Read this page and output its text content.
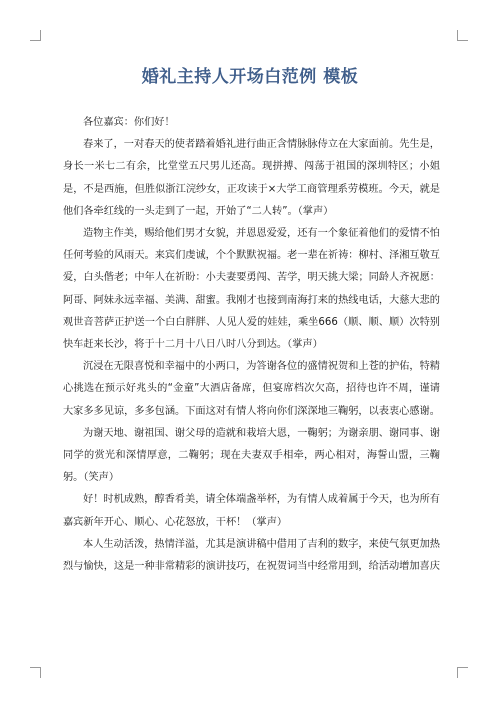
婚礼主持人开场白范例 模板

各位嘉宾：你们好！

春来了，一对春天的使者踏着婚礼进行曲正含情脉脉侍立在大家面前。先生是，身长一米七二有余，比堂堂五尺男儿还高。现拼搏、闯荡于祖国的深圳特区；小姐是，不是西施，但胜似浙江浣纱女，正攻读于×大学工商管理系劳模班。今天，就是他们各牵红线的一头走到了一起，开始了“二人转”。（掌声）

造物主作美，赐给他们男才女貌，并恩恩爱爱，还有一个象征着他们的爱情不怕任何考验的风雨天。来宾们虔诚，个个默默祝福。老一辈在祈祷：柳村、泽湘互敬互爱，白头偕老；中年人在祈盼：小夫妻要勇闯、苦学，明天挑大梁；同龄人齐祝愿：阿哥、阿妹永远幸福、美满、甜蜜。我刚才也接到南海打来的热线电话，大慈大悲的观世音菩萨正护送一个白白胖胖、人见人爱的娃娃，乘坐666（顺、顺、顺）次特别快车赶来长沙，将于十二月十八日八时八分到达。（掌声）

沉浸在无限喜悦和幸福中的小两口，为答谢各位的盛情祝贺和上苍的护佑，特精心挑选在预示好兆头的“金童”大酒店备席，但宴席档次欠高，招待也许不周，谨请大家多多见谅，多多包涵。下面这对有情人将向你们深深地三鞠躬，以表衷心感谢。

为谢天地、谢祖国、谢父母的造就和栽培大恩，一鞠躬；为谢亲朋、谢同事、谢同学的赏光和深情厚意，二鞠躬；现在夫妻双手相牵，两心相对，海誓山盟，三鞠躬。（笑声）

好！时机成熟，醇香肴美，请全体端盏举杯，为有情人成着属于今天，也为所有嘉宾新年开心、顺心、心花怒放，干杯！（掌声）

本人生动活泼，热情洋溢，尤其是演讲稿中借用了吉利的数字，来使气氛更加热烈与愉快，这是一种非常精彩的演讲技巧，在祝贺词当中经常用到，给活动增加喜庆
